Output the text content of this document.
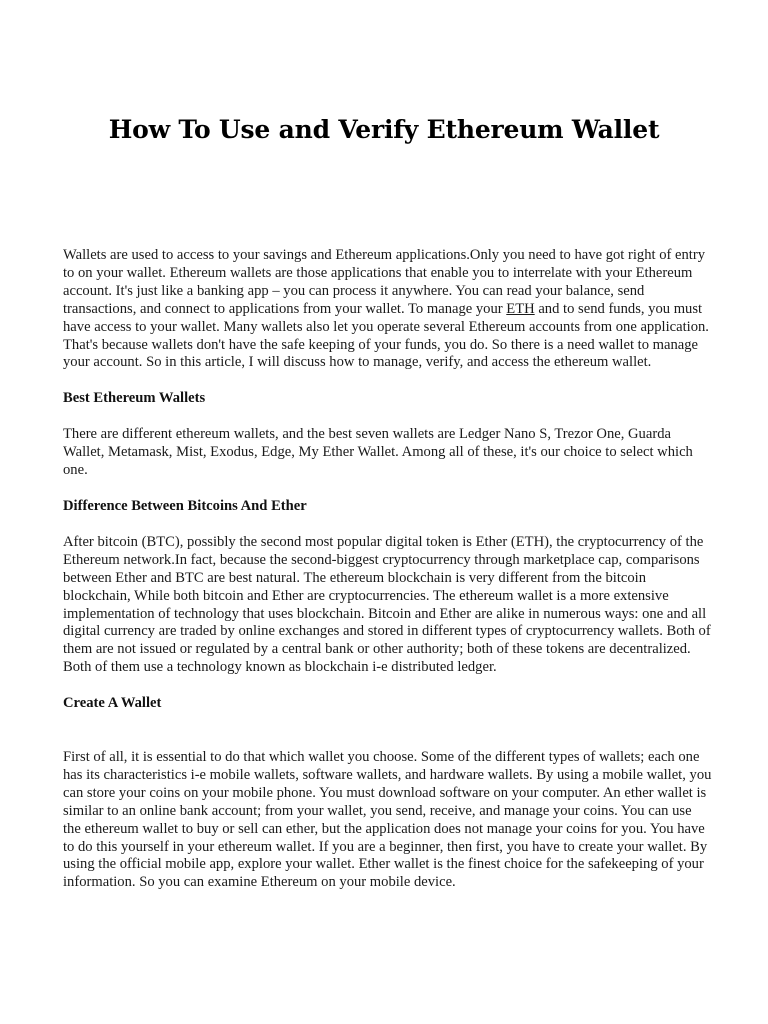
How To Use and Verify Ethereum Wallet

Wallets are used to access to your savings and Ethereum applications.Only you need to have got right of entry to on your wallet. Ethereum wallets are those applications that enable you to interrelate with your Ethereum account. It's just like a banking app – you can process it anywhere. You can read your balance, send transactions, and connect to applications from your wallet. To manage your ETH and to send funds, you must have access to your wallet. Many wallets also let you operate several Ethereum accounts from one application. That's because wallets don't have the safe keeping of your funds, you do. So there is a need wallet to manage your account. So in this article, I will discuss how to manage, verify, and access the ethereum wallet.

Best Ethereum Wallets

There are different ethereum wallets, and the best seven wallets are Ledger Nano S, Trezor One, Guarda Wallet, Metamask, Mist, Exodus, Edge, My Ether Wallet. Among all of these, it's our choice to select which one.

Difference Between Bitcoins And Ether

After bitcoin (BTC), possibly the second most popular digital token is Ether (ETH), the cryptocurrency of the Ethereum network.In fact, because the second-biggest cryptocurrency through marketplace cap, comparisons between Ether and BTC are best natural. The ethereum blockchain is very different from the bitcoin blockchain, While both bitcoin and Ether are cryptocurrencies. The ethereum wallet is a more extensive implementation of technology that uses blockchain. Bitcoin and Ether are alike in numerous ways: one and all digital currency are traded by online exchanges and stored in different types of cryptocurrency wallets. Both of them are not issued or regulated by a central bank or other authority; both of these tokens are decentralized. Both of them use a technology known as blockchain i-e distributed ledger.

Create A Wallet

First of all, it is essential to do that which wallet you choose. Some of the different types of wallets; each one has its characteristics i-e mobile wallets, software wallets, and hardware wallets. By using a mobile wallet, you can store your coins on your mobile phone. You must download software on your computer. An ether wallet is similar to an online bank account; from your wallet, you send, receive, and manage your coins. You can use the ethereum wallet to buy or sell can ether, but the application does not manage your coins for you. You have to do this yourself in your ethereum wallet. If you are a beginner, then first, you have to create your wallet. By using the official mobile app, explore your wallet. Ether wallet is the finest choice for the safekeeping of your information. So you can examine Ethereum on your mobile device.
